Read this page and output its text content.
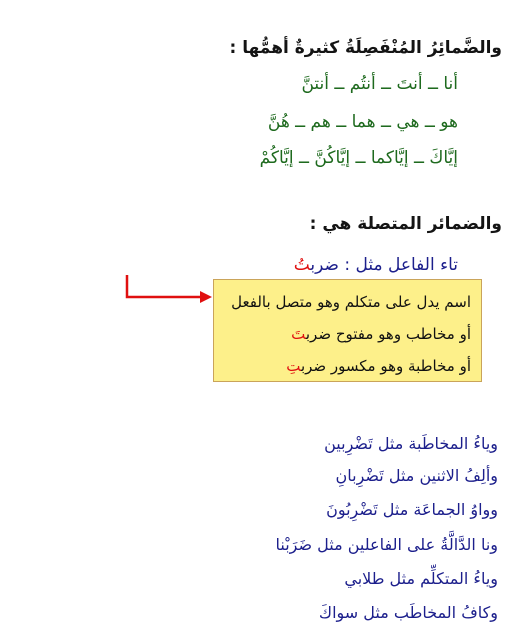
والضَّمائِرُ المُنْفَصِلَةُ كثيرةٌ أهمُّها :
أنا ــ أنتَ ــ أنتُم ــ أنتنَّ
هو ــ هي ــ هما ــ هم ــ هُنَّ
إيَّاكَ ــ إيَّاكما ــ إيَّاكُنَّ ــ إيَّاكُمْ
والضمائر المتصلة هي :
تاء الفاعل مثل : ضربتُ
اسم يدل على متكلم وهو متصل بالفعل
أو مخاطب وهو مفتوح ضربتَ
أو مخاطبة وهو مكسور ضربتِ
وياءُ المخاطَبة مثل تَضْرِبين
وألِفُ الاثنين مثل تَضْرِبانِ
وواوُ الجماعَة مثل تَضْرِبُونَ
ونا الدَّالَّةُ على الفاعلين مثل ضَرَبْنا
وياءُ المتكلِّم مثل طلابي
وكافُ المخاطَب مثل سواكَ
